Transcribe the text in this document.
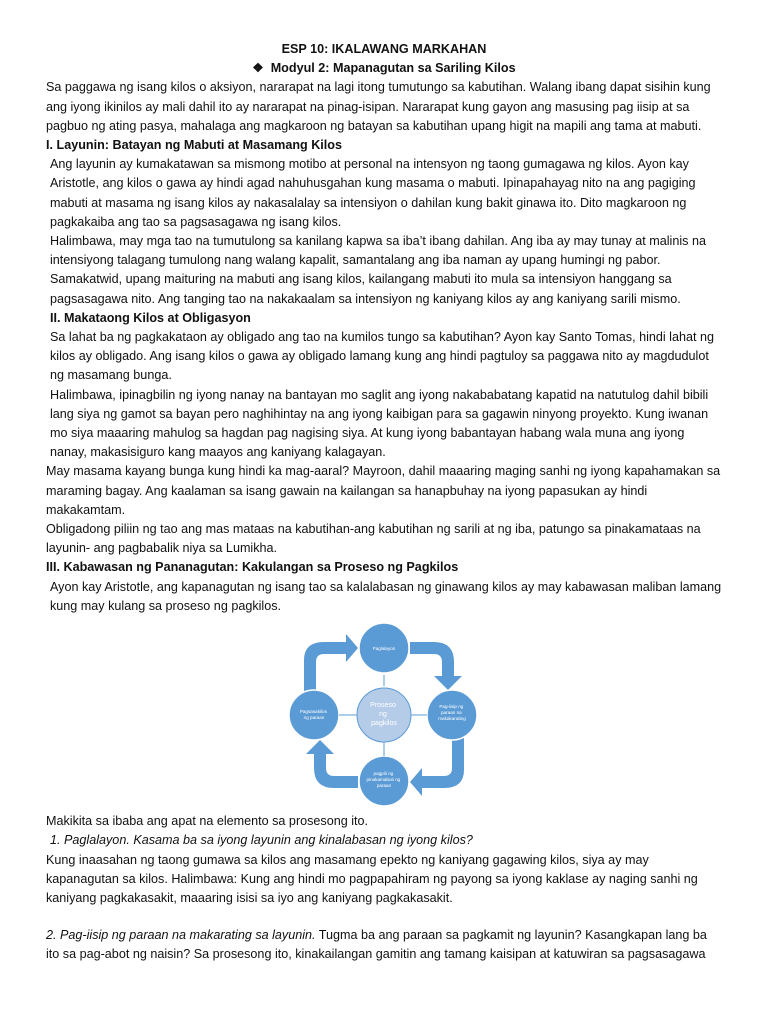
ESP 10: IKALAWANG MARKAHAN

❖ Modyul 2: Mapanagutan sa Sariling Kilos

Sa paggawa ng isang kilos o aksiyon, nararapat na lagi itong tumutungo sa kabutihan. Walang ibang dapat sisihin kung ang iyong ikinilos ay mali dahil ito ay nararapat na pinag-isipan. Nararapat kung gayon ang masusing pag iisip at sa pagbuo ng ating pasya, mahalaga ang magkaroon ng batayan sa kabutihan upang higit na mapili ang tama at mabuti.

I. Layunin: Batayan ng Mabuti at Masamang Kilos

Ang layunin ay kumakatawan sa mismong motibo at personal na intensyon ng taong gumagawa ng kilos. Ayon kay Aristotle, ang kilos o gawa ay hindi agad nahuhusgahan kung masama o mabuti. Ipinapahayag nito na ang pagiging mabuti at masama ng isang kilos ay nakasalalay sa intensiyon o dahilan kung bakit ginawa ito. Dito magkaroon ng pagkakaiba ang tao sa pagsasagawa ng isang kilos.

Halimbawa, may mga tao na tumutulong sa kanilang kapwa sa iba’t ibang dahilan. Ang iba ay may tunay at malinis na intensiyong talagang tumulong nang walang kapalit, samantalang ang iba naman ay upang humingi ng pabor.

Samakatwid, upang maituring na mabuti ang isang kilos, kailangang mabuti ito mula sa intensiyon hanggang sa pagsasagawa nito. Ang tanging tao na nakakaalam sa intensiyon ng kaniyang kilos ay ang kaniyang sarili mismo.

II. Makataong Kilos at Obligasyon

Sa lahat ba ng pagkakataon ay obligado ang tao na kumilos tungo sa kabutihan? Ayon kay Santo Tomas, hindi lahat ng kilos ay obligado. Ang isang kilos o gawa ay obligado lamang kung ang hindi pagtuloy sa paggawa nito ay magdudulot ng masamang bunga.

Halimbawa, ipinagbilin ng iyong nanay na bantayan mo saglit ang iyong nakababatang kapatid na natutulog dahil bibili lang siya ng gamot sa bayan pero naghihintay na ang iyong kaibigan para sa gagawin ninyong proyekto. Kung iwanan mo siya maaaring mahulog sa hagdan pag nagising siya. At kung iyong babantayan habang wala muna ang iyong nanay, makasisiguro kang maayos ang kaniyang kalagayan.

May masama kayang bunga kung hindi ka mag-aaral? Mayroon, dahil maaaring maging sanhi ng iyong kapahamakan sa maraming bagay. Ang kaalaman sa isang gawain na kailangan sa hanapbuhay na iyong papasukan ay hindi makakamtam.

Obligadong piliin ng tao ang mas mataas na kabutihan-ang kabutihan ng sarili at ng iba, patungo sa pinakamataas na layunin- ang pagbabalik niya sa Lumikha.

III. Kabawasan ng Pananagutan: Kakulangan sa Proseso ng Pagkilos

Ayon kay Aristotle, ang kapanagutan ng isang tao sa kalalabasan ng ginawang kilos ay may kabawasan maliban lamang kung may kulang sa proseso ng pagkilos.

Proseso ng pagkilos
Paglalayon
Pag-iisip ng paraan na makakarating
pagpili ng pinakamabuti ng paraan
Pagsasakilos ng paraan

Makikita sa ibaba ang apat na elemento sa prosesong ito.

1. Paglalayon. Kasama ba sa iyong layunin ang kinalabasan ng iyong kilos?

Kung inaasahan ng taong gumawa sa kilos ang masamang epekto ng kaniyang gagawing kilos, siya ay may kapanagutan sa kilos. Halimbawa: Kung ang hindi mo pagpapahiram ng payong sa iyong kaklase ay naging sanhi ng kaniyang pagkakasakit, maaaring isisi sa iyo ang kaniyang pagkakasakit.

2. Pag-iisip ng paraan na makarating sa layunin. Tugma ba ang paraan sa pagkamit ng layunin? Kasangkapan lang ba ito sa pag-abot ng naisin? Sa prosesong ito, kinakailangan gamitin ang tamang kaisipan at katuwiran sa pagsasagawa
